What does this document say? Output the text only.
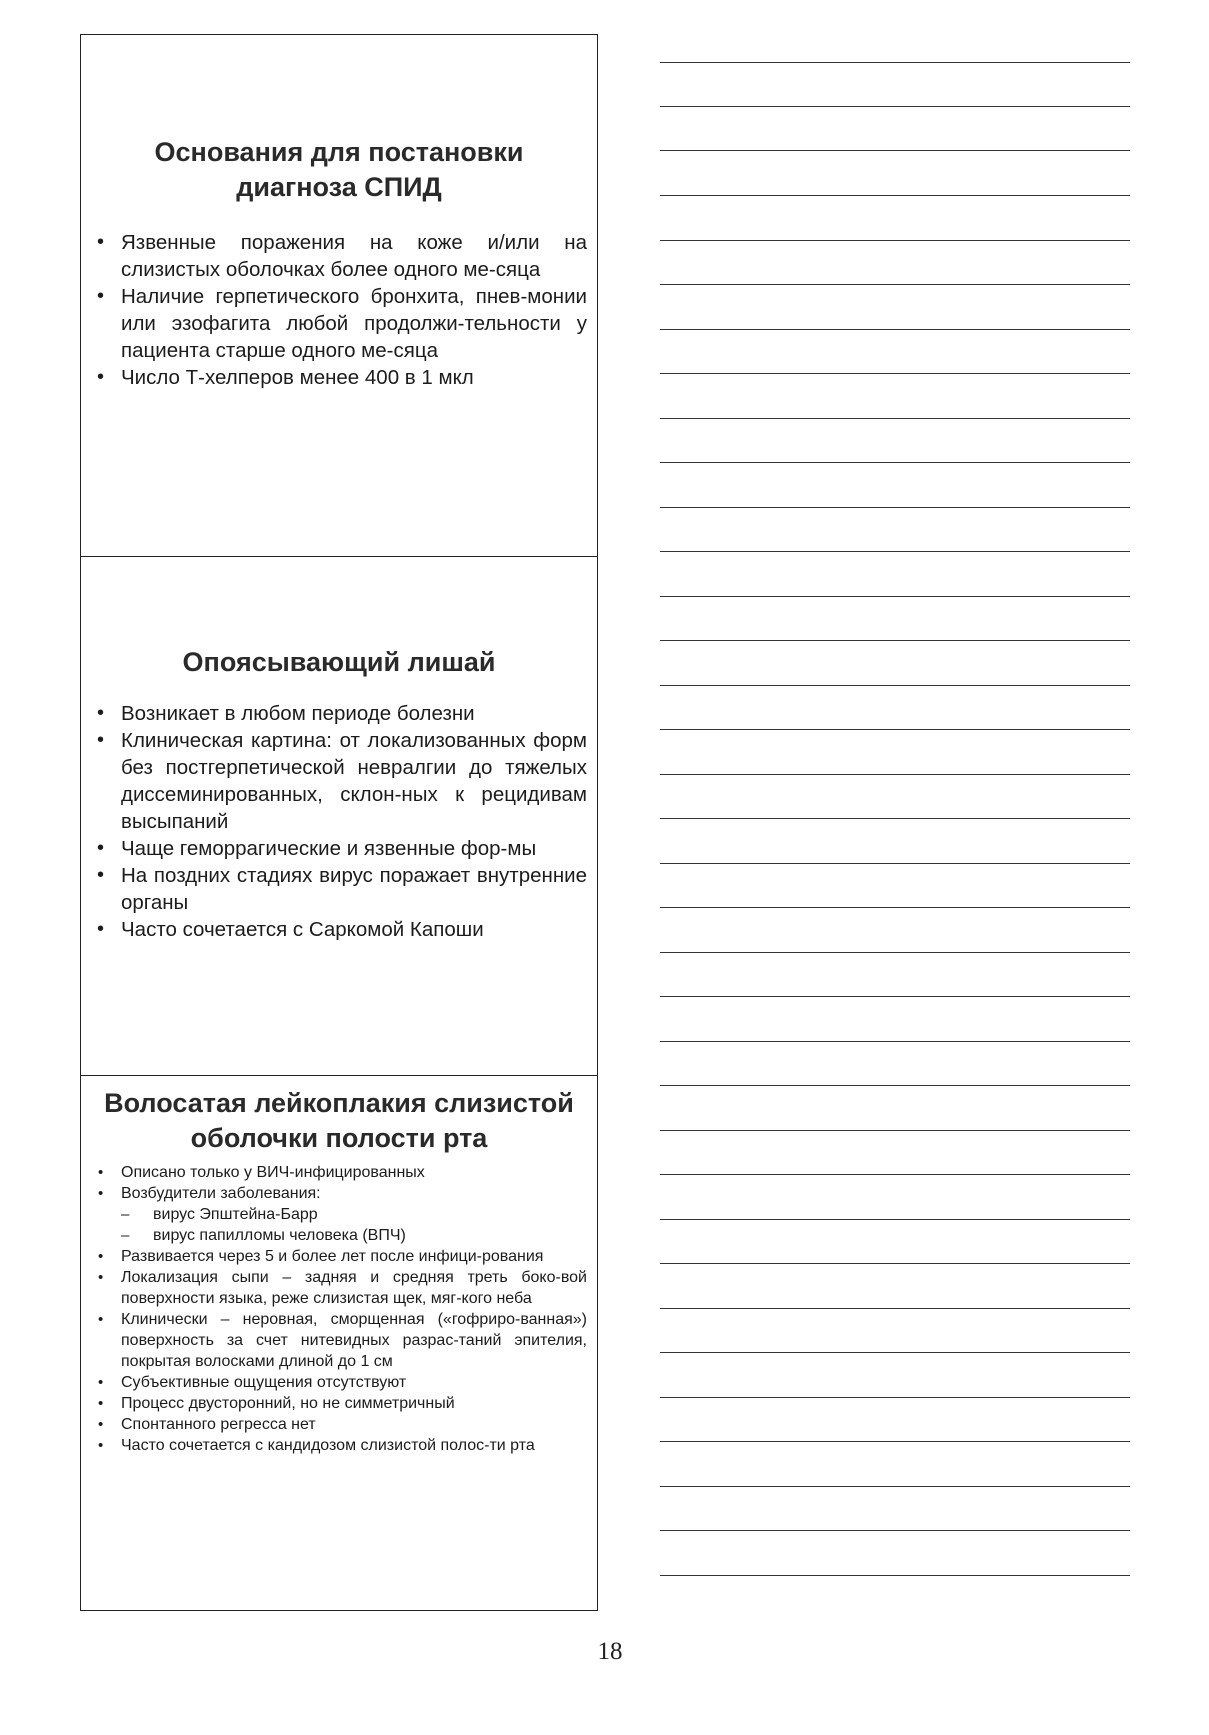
Основания для постановки диагноза СПИД
• Язвенные поражения на коже и/или на слизистых оболочках более одного ме-сяца
• Наличие герпетического бронхита, пнев-монии или эзофагита любой продолжи-тельности у пациента старше одного ме-сяца
• Число Т-хелперов менее 400 в 1 мкл
Опоясывающий лишай
• Возникает в любом периоде болезни
• Клиническая картина: от локализованных форм без постгерпетической невралгии до тяжелых диссеминированных, склон-ных к рецидивам высыпаний
• Чаще геморрагические и язвенные фор-мы
• На поздних стадиях вирус поражает внутренние органы
• Часто сочетается с Саркомой Капоши
Волосатая лейкоплакия слизистой оболочки полости рта
• Описано только у ВИЧ-инфицированных
• Возбудители заболевания:
– вирус Эпштейна-Барр
– вирус папилломы человека (ВПЧ)
• Развивается через 5 и более лет после инфици-рования
• Локализация сыпи – задняя и средняя треть боко-вой поверхности языка, реже слизистая щек, мяг-кого неба
• Клинически – неровная, сморщенная («гофриро-ванная») поверхность за счет нитевидных разрас-таний эпителия, покрытая волосками длиной до 1 см
• Субъективные ощущения отсутствуют
• Процесс двусторонний, но не симметричный
• Спонтанного регресса нет
• Часто сочетается с кандидозом слизистой полос-ти рта
18
